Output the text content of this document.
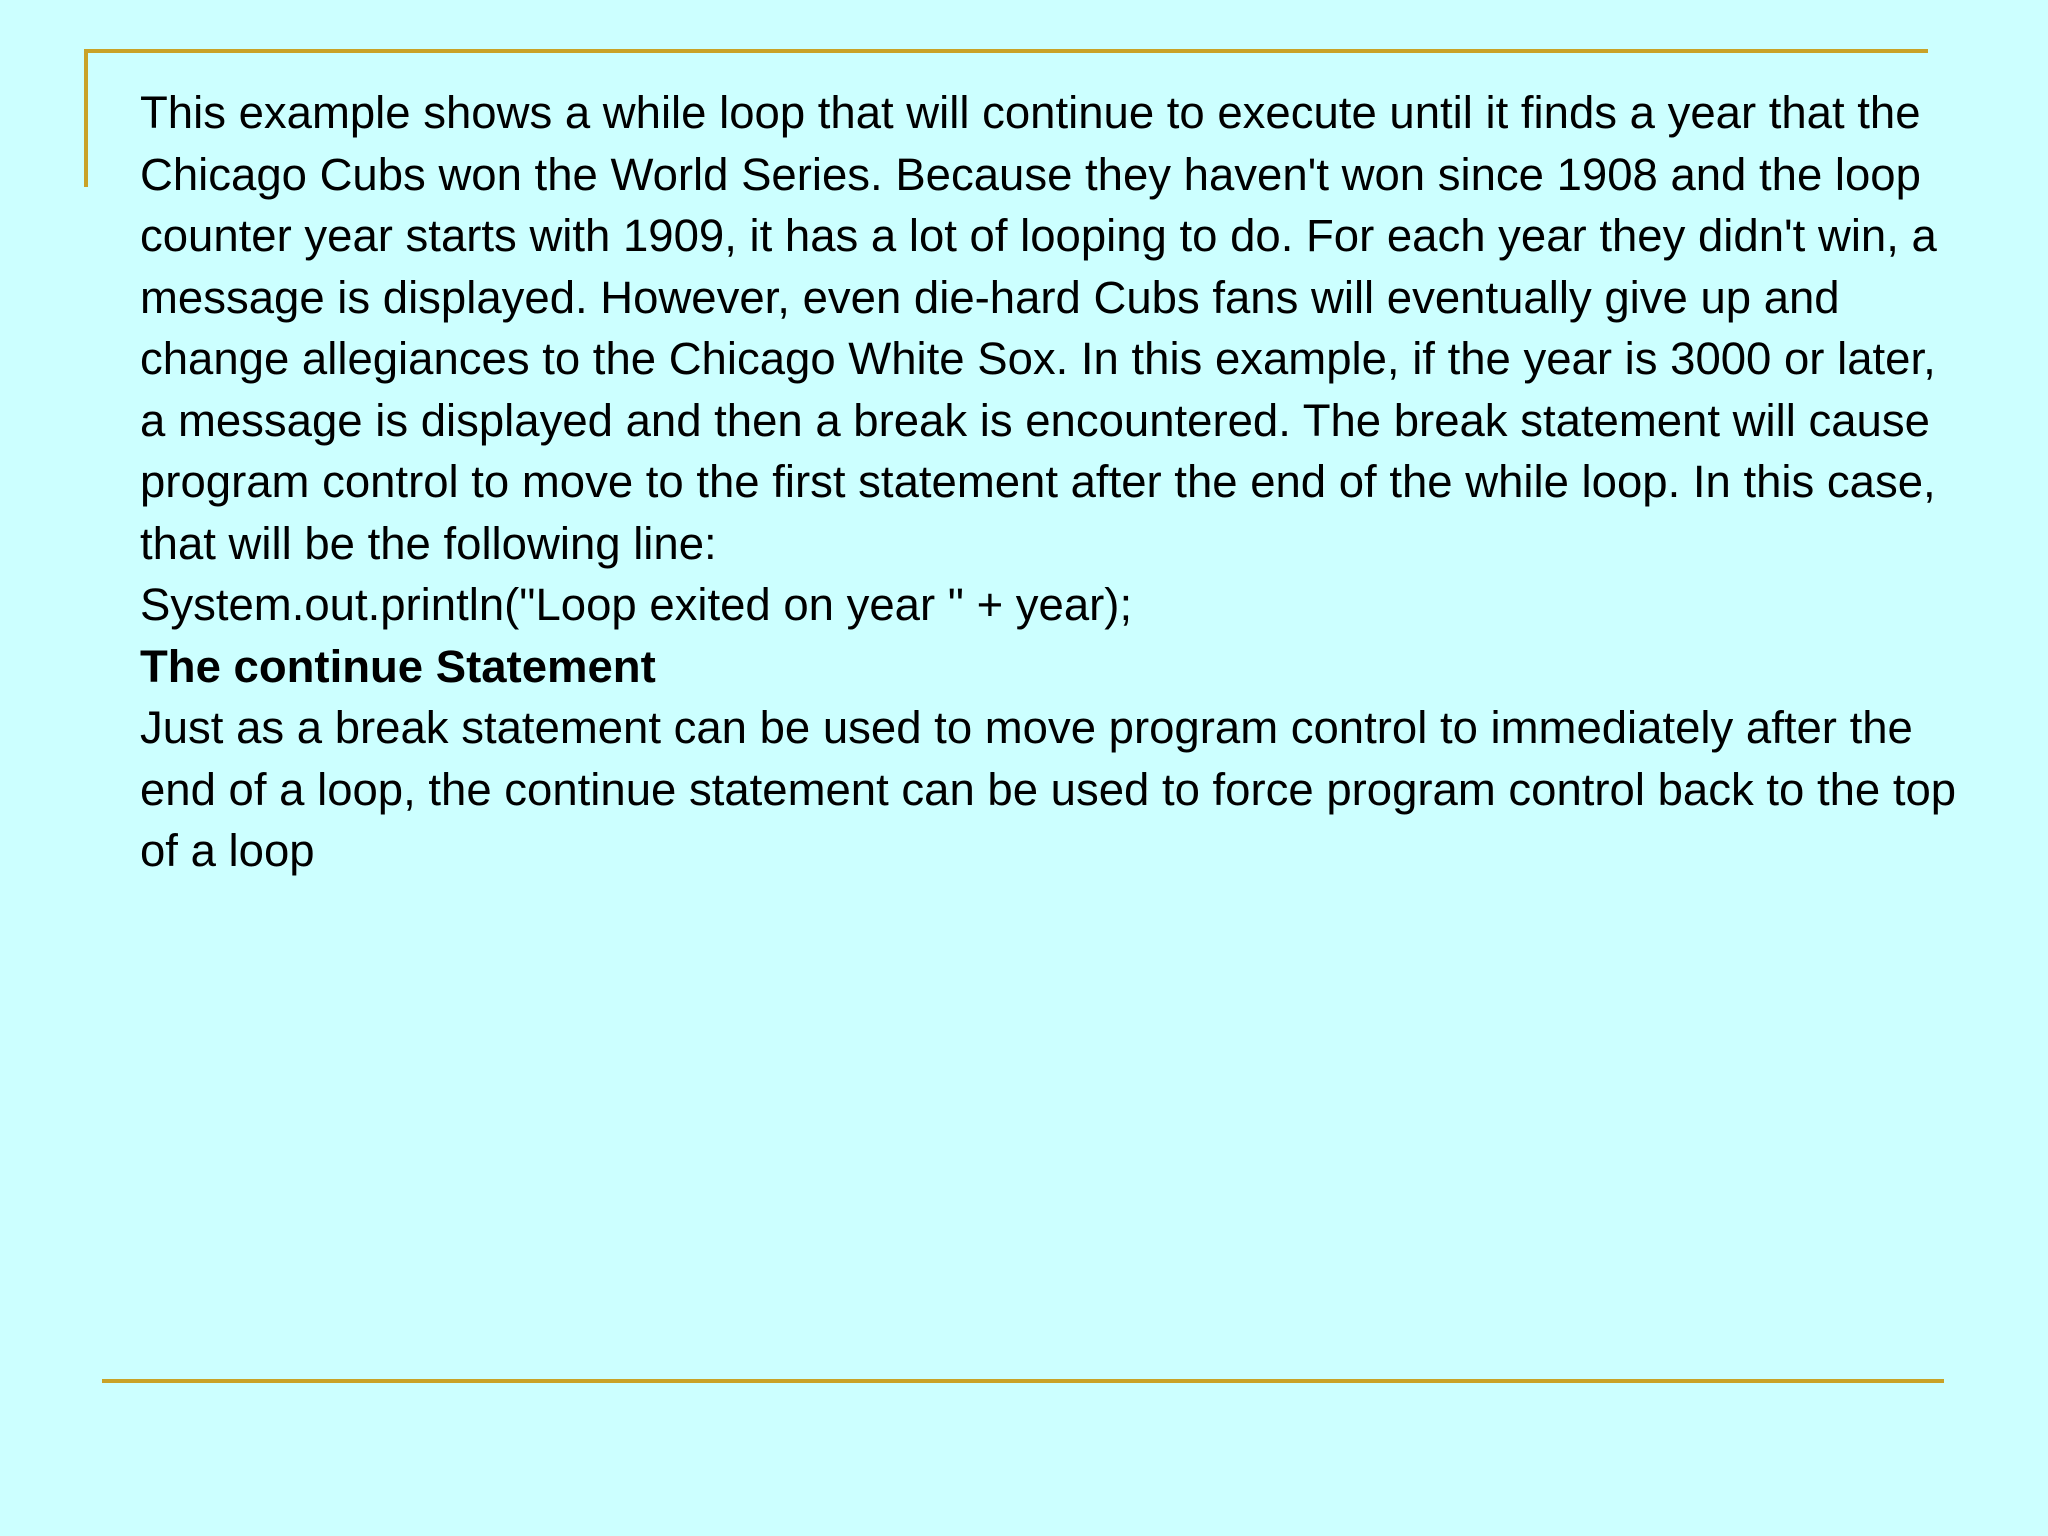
This example shows a while loop that will continue to execute until it finds a year that the Chicago Cubs won the World Series. Because they haven't won since 1908 and the loop counter year starts with 1909, it has a lot of looping to do. For each year they didn't win, a message is displayed. However, even die-hard Cubs fans will eventually give up and change allegiances to the Chicago White Sox. In this example, if the year is 3000 or later, a message is displayed and then a break is encountered. The break statement will cause program control to move to the first statement after the end of the while loop. In this case, that will be the following line:

System.out.println("Loop exited on year " + year);

The continue Statement

Just as a break statement can be used to move program control to immediately after the end of a loop, the continue statement can be used to force program control back to the top of a loop
